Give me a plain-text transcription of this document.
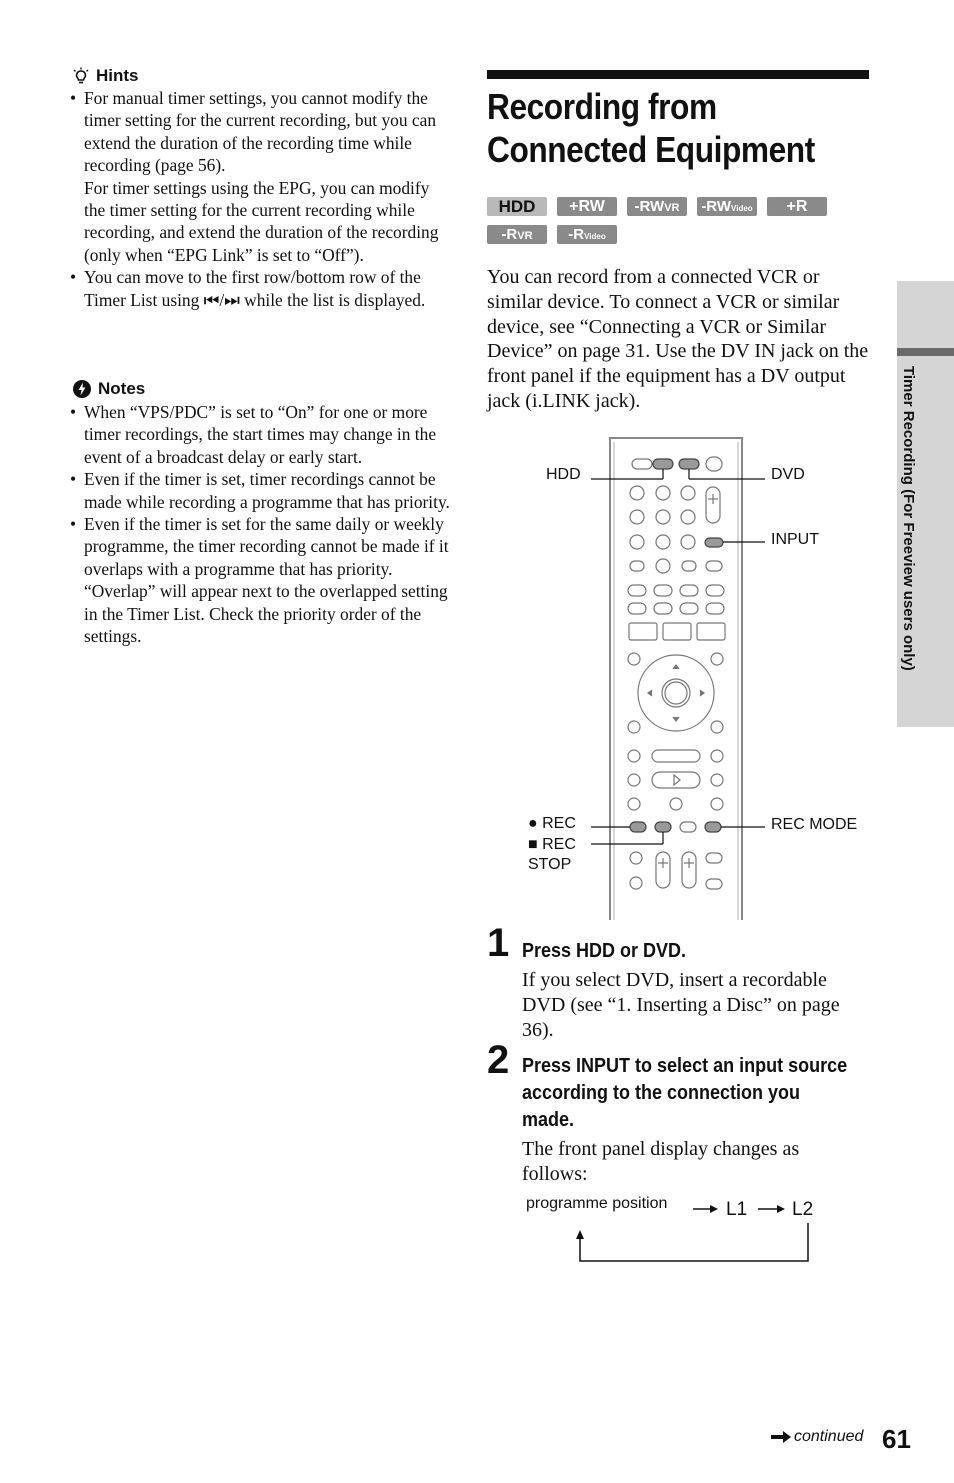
Hints
• For manual timer settings, you cannot modify the timer setting for the current recording, but you can extend the duration of the recording time while recording (page 56).
For timer settings using the EPG, you can modify the timer setting for the current recording while recording, and extend the duration of the recording (only when “EPG Link” is set to “Off”).
• You can move to the first row/bottom row of the Timer List using ⏮/⏭ while the list is displayed.
Notes
• When “VPS/PDC” is set to “On” for one or more timer recordings, the start times may change in the event of a broadcast delay or early start.
• Even if the timer is set, timer recordings cannot be made while recording a programme that has priority.
• Even if the timer is set for the same daily or weekly programme, the timer recording cannot be made if it overlaps with a programme that has priority. “Overlap” will appear next to the overlapped setting in the Timer List. Check the priority order of the settings.
Recording from
Connected Equipment
HDD	+RW	-RWVR	-RWVideo	+R
-RVR	-RVideo
You can record from a connected VCR or similar device. To connect a VCR or similar device, see “Connecting a VCR or Similar Device” on page 31. Use the DV IN jack on the front panel if the equipment has a DV output jack (i.LINK jack).
HDD	DVD
INPUT
● REC
■ REC
STOP
REC MODE
1 Press HDD or DVD.
If you select DVD, insert a recordable DVD (see “1. Inserting a Disc” on page 36).
2 Press INPUT to select an input source
according to the connection you
made.
The front panel display changes as follows:
programme position	L1 L2
Timer Recording (For Freeview users only)
continued 61
